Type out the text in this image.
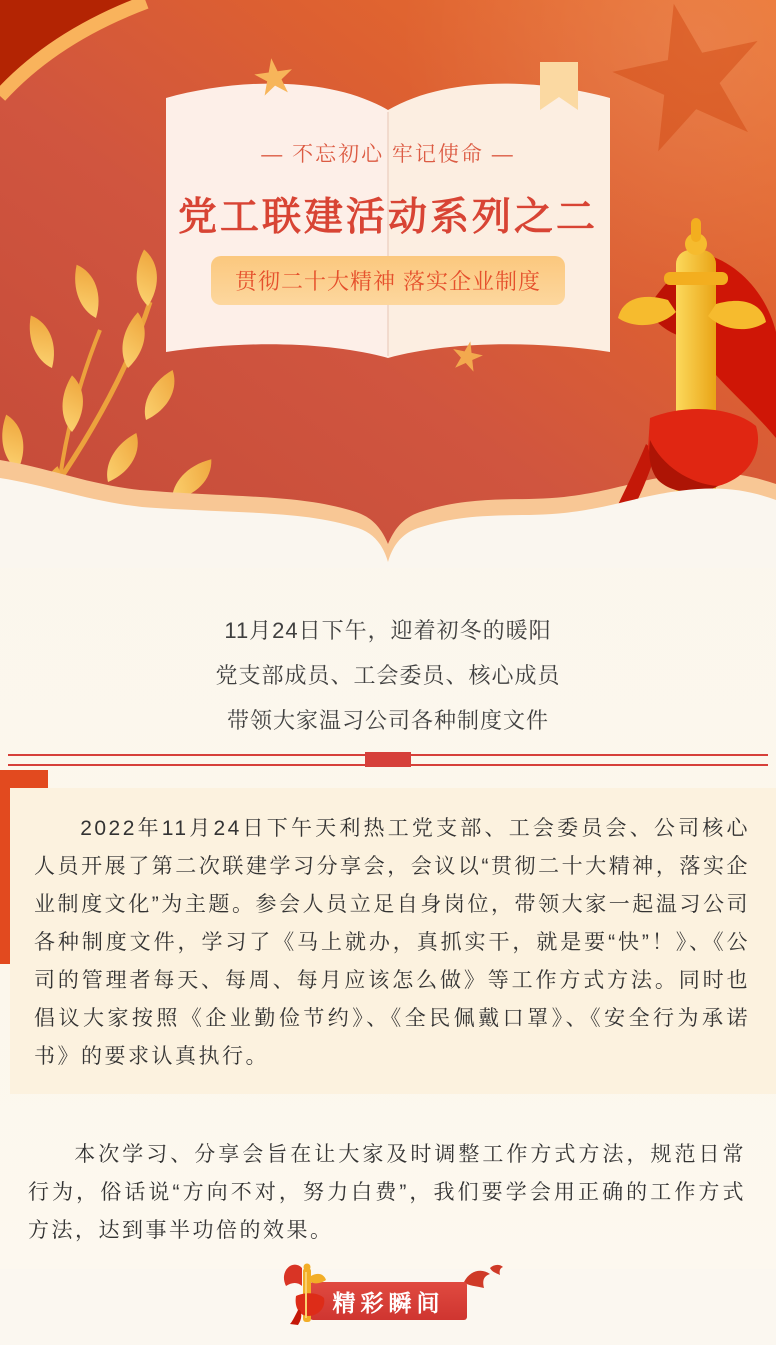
— 不忘初心 牢记使命 —
党工联建活动系列之二
贯彻二十大精神 落实企业制度
11月24日下午，迎着初冬的暖阳
党支部成员、工会委员、核心成员
带领大家温习公司各种制度文件

2022年11月24日下午天利热工党支部、工会委员会、公司核心人员开展了第二次联建学习分享会，会议以“贯彻二十大精神，落实企业制度文化”为主题。参会人员立足自身岗位，带领大家一起温习公司各种制度文件，学习了《马上就办，真抓实干，就是要“快”！》、《公司的管理者每天、每周、每月应该怎么做》等工作方式方法。同时也倡议大家按照《企业勤俭节约》、《全民佩戴口罩》、《安全行为承诺书》的要求认真执行。

本次学习、分享会旨在让大家及时调整工作方式方法，规范日常行为，俗话说“方向不对，努力白费”，我们要学会用正确的工作方式方法，达到事半功倍的效果。

精彩瞬间
